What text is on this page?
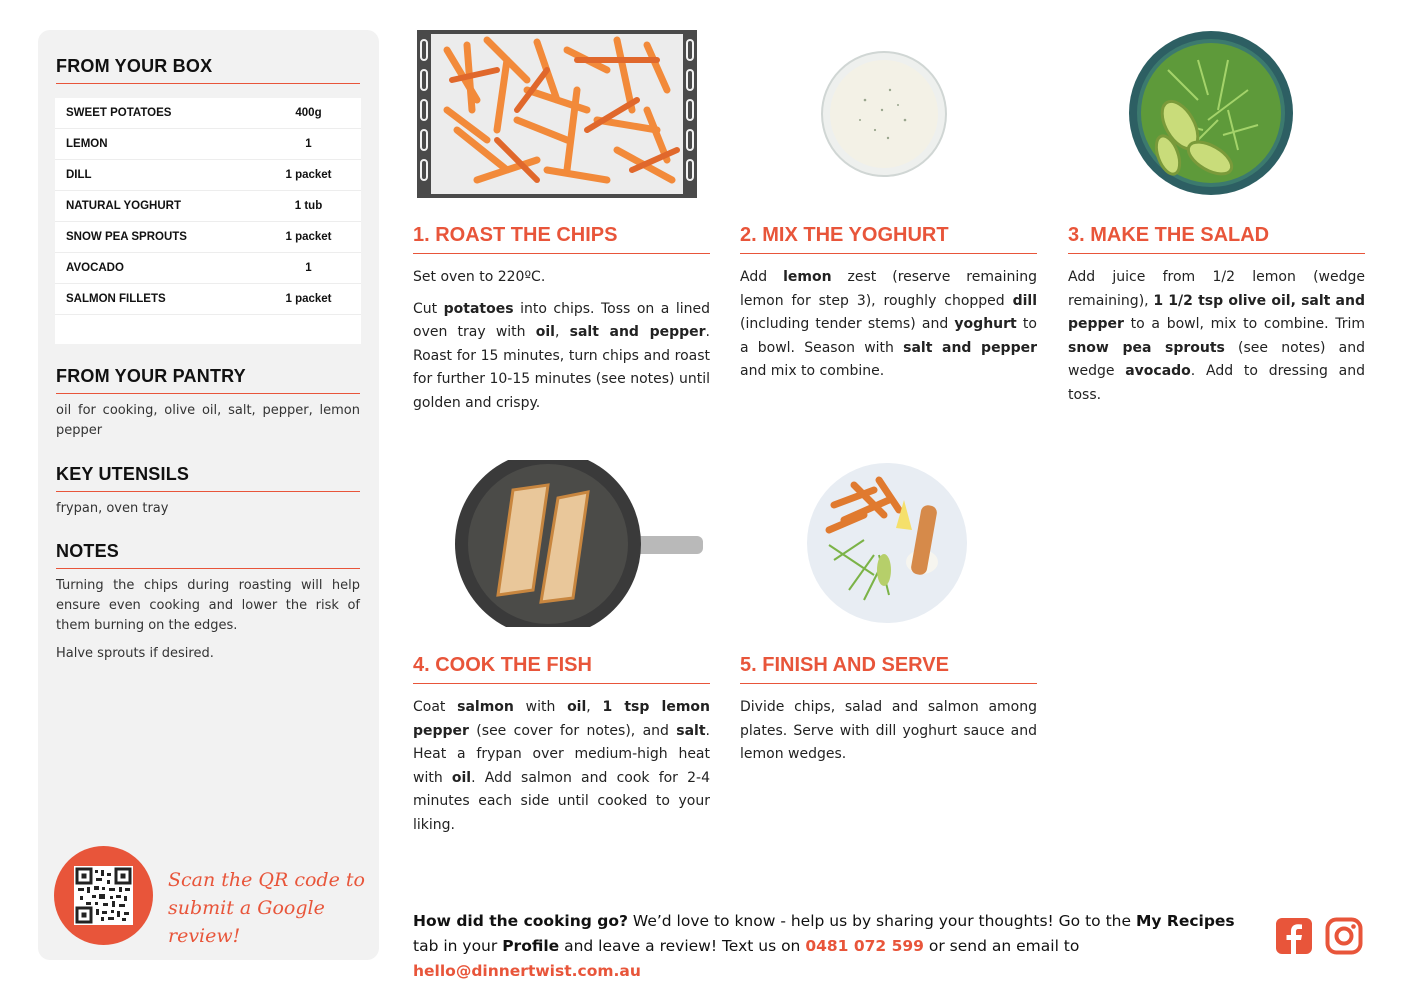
FROM YOUR BOX
SWEET POTATOES	400g
LEMON	1
DILL	1 packet
NATURAL YOGHURT	1 tub
SNOW PEA SPROUTS	1 packet
AVOCADO	1
SALMON FILLETS	1 packet
FROM YOUR PANTRY

oil for cooking, olive oil, salt, pepper, lemon pepper

KEY UTENSILS

frypan, oven tray

NOTES

Turning the chips during roasting will help ensure even cooking and lower the risk of them burning on the edges.

Halve sprouts if desired.

Scan the QR code to
submit a Google review!
1. ROAST THE CHIPS

Set oven to 220ºC.

Cut potatoes into chips. Toss on a lined oven tray with oil, salt and pepper. Roast for 15 minutes, turn chips and roast for further 10-15 minutes (see notes) until golden and crispy.

2. MIX THE YOGHURT

Add lemon zest (reserve remaining lemon for step 3), roughly chopped dill (including tender stems) and yoghurt to a bowl. Season with salt and pepper and mix to combine.

3. MAKE THE SALAD

Add juice from 1/2 lemon (wedge remaining), 1 1/2 tsp olive oil, salt and pepper to a bowl, mix to combine. Trim snow pea sprouts (see notes) and wedge avocado. Add to dressing and toss.

4. COOK THE FISH

Coat salmon with oil, 1 tsp lemon pepper (see cover for notes), and salt. Heat a frypan over medium-high heat with oil. Add salmon and cook for 2-4 minutes each side until cooked to your liking.

5. FINISH AND SERVE

Divide chips, salad and salmon among plates. Serve with dill yoghurt sauce and lemon wedges.

How did the cooking go? We’d love to know - help us by sharing your thoughts! Go to the My Recipes tab in your Profile and leave a review! Text us on 0481 072 599 or send an email to hello@dinnertwist.com.au
